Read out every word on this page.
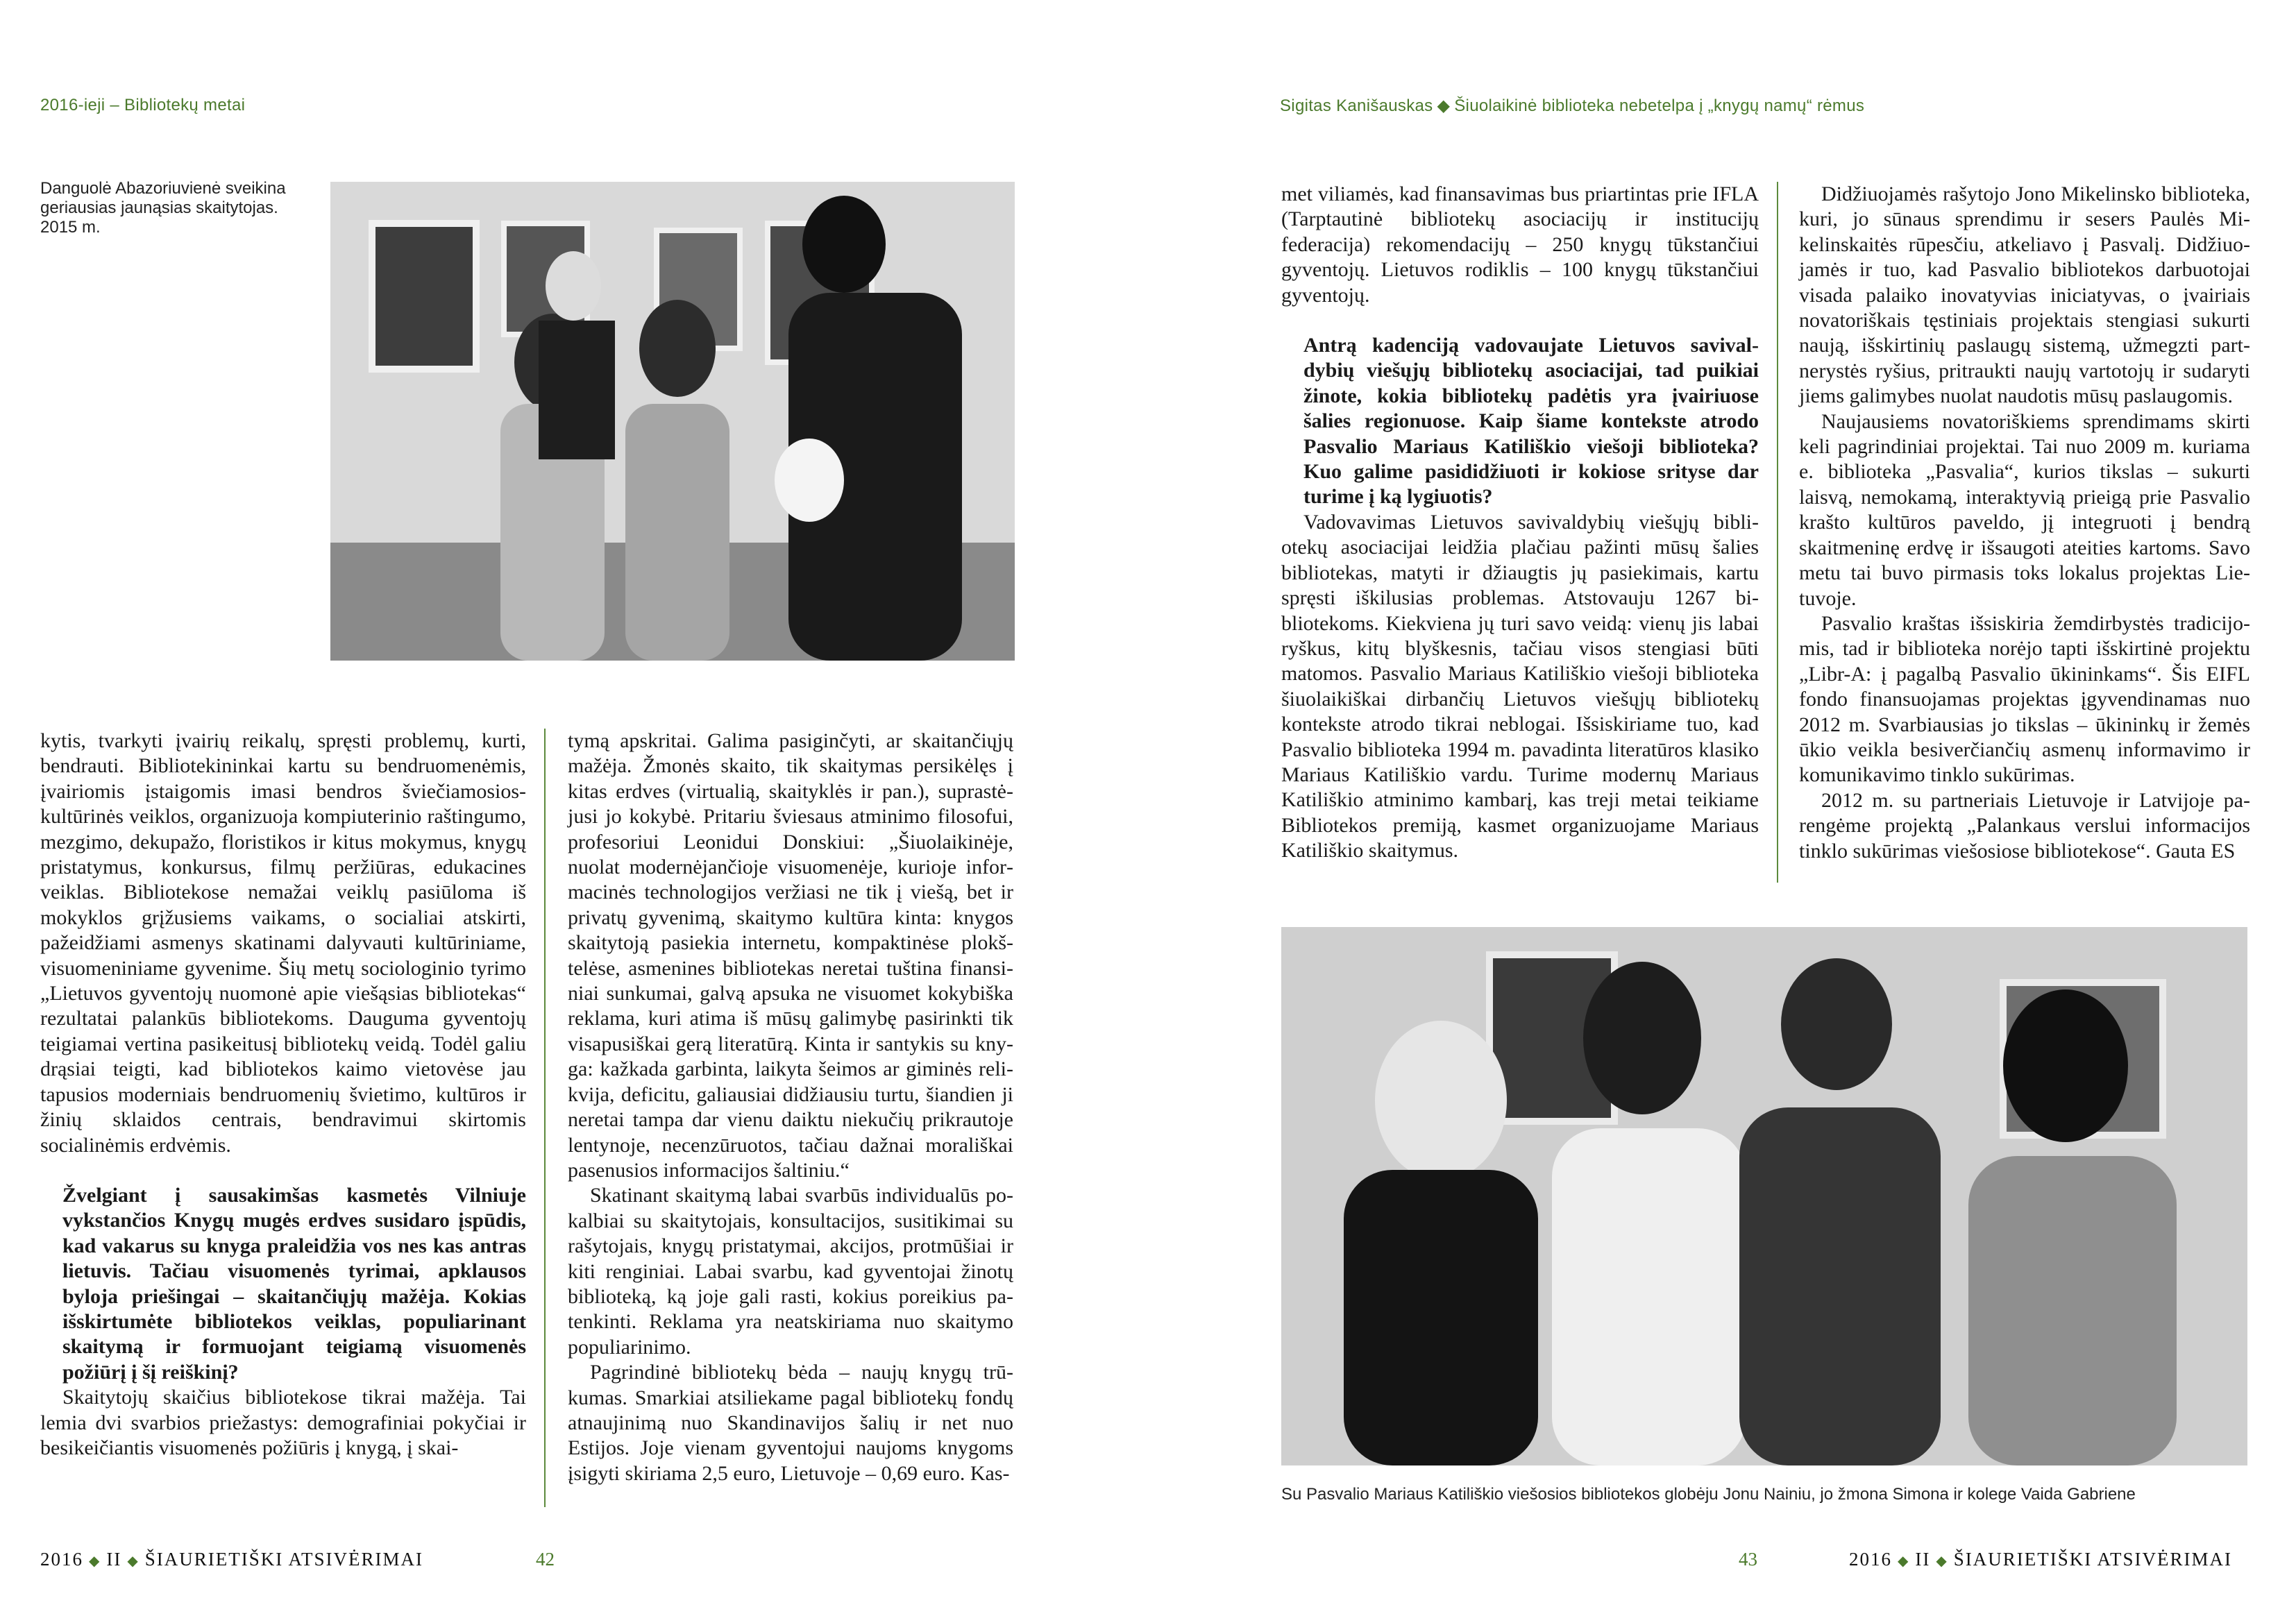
2016-ieji – Bibliotekų metai
Danguolė Abazoriuvienė sveikina geriausias jaunąsias skaitytojas. 2015 m.

kytis, tvarkyti įvairių reikalų, spręsti problemų, kurti, bendrauti. Bibliotekininkai kartu su bendruomenėmis, įvairiomis įstaigomis imasi bendros šviečiamosios-kultūrinės veiklos, organizuoja kompiuterinio raštingumo, mezgimo, dekupažo, floristikos ir kitus mokymus, knygų pristatymus, konkursus, filmų peržiūras, edukacines veiklas. Bibliotekose nemažai veiklų pasiūloma iš mokyklos grįžusiems vaikams, o socialiai atskirti, pažeidžiami asmenys skatinami dalyvauti kultūriniame, visuomeniniame gyvenime. Šių metų sociologinio tyrimo „Lietuvos gyventojų nuomonė apie viešąsias bibliotekas“ rezultatai palankūs bibliotekoms. Dauguma gyventojų teigiamai vertina pasikeitusį bibliotekų veidą. Todėl galiu drąsiai teigti, kad bibliotekos kaimo vietovėse jau tapusios moderniais bendruomenių švietimo, kultūros ir žinių sklaidos centrais, bendravimui skirtomis socialinėmis erdvėmis.

Žvelgiant į sausakimšas kasmetės Vilniuje vykstančios Knygų mugės erdves susidaro įspūdis, kad vakarus su knyga praleidžia vos nes kas antras lietuvis. Tačiau visuomenės tyrimai, apklausos byloja priešingai – skaitančiųjų mažėja. Kokias išskirtumėte bibliotekos veiklas, populiarinant skaitymą ir formuojant teigiamą visuomenės požiūrį į šį reiškinį?

Skaitytojų skaičius bibliotekose tikrai mažėja. Tai lemia dvi svarbios priežastys: demografiniai pokyčiai ir besikeičiantis visuomenės požiūris į knygą, į skai-

tymą apskritai. Galima pasiginčyti, ar skaitančiųjų mažėja. Žmonės skaito, tik skaitymas persikėlęs į kitas erdves (virtualią, skaityklės ir pan.), suprastėjusi jo kokybė. Pritariu šviesaus atminimo filosofui, profesoriui Leonidui Donskiui: „Šiuolaikinėje, nuolat modernėjančioje visuomenėje, kurioje informacinės technologijos veržiasi ne tik į viešą, bet ir privatų gyvenimą, skaitymo kultūra kinta: knygos skaitytoją pasiekia internetu, kompaktinėse plokštelėse, asmenines bibliotekas neretai tuština finansiniai sunkumai, galvą apsuka ne visuomet kokybiška reklama, kuri atima iš mūsų galimybę pasirinkti tik visapusiškai gerą literatūrą. Kinta ir santykis su knyga: kažkada garbinta, laikyta šeimos ar giminės relikvija, deficitu, galiausiai didžiausiu turtu, šiandien ji neretai tampa dar vienu daiktu niekučių prikrautoje lentynoje, necenzūruotos, tačiau dažnai morališkai pasenusios informacijos šaltiniu.“

Skatinant skaitymą labai svarbūs individualūs pokalbiai su skaitytojais, konsultacijos, susitikimai su rašytojais, knygų pristatymai, akcijos, protmūšiai ir kiti renginiai. Labai svarbu, kad gyventojai žinotų biblioteką, ką joje gali rasti, kokius poreikius patenkinti. Reklama yra neatskiriama nuo skaitymo populiarinimo.

Pagrindinė bibliotekų bėda – naujų knygų trūkumas. Smarkiai atsiliekame pagal bibliotekų fondų atnaujinimą nuo Skandinavijos šalių ir net nuo Estijos. Joje vienam gyventojui naujoms knygoms įsigyti skiriama 2,5 euro, Lietuvoje – 0,69 euro. Kas-

2016 ◆ II ◆ ŠIAURIETIŠKI ATSIVĖRIMAI	42
Sigitas Kanišauskas ◆ Šiuolaikinė biblioteka nebetelpa į „knygų namų“ rėmus

met viliamės, kad finansavimas bus priartintas prie IFLA (Tarptautinė bibliotekų asociacijų ir institucijų federacija) rekomendacijų – 250 knygų tūkstančiui gyventojų. Lietuvos rodiklis – 100 knygų tūkstančiui gyventojų.

Antrą kadenciją vadovaujate Lietuvos savivaldybių viešųjų bibliotekų asociacijai, tad puikiai žinote, kokia bibliotekų padėtis yra įvairiuose šalies regionuose. Kaip šiame kontekste atrodo Pasvalio Mariaus Katiliškio viešoji biblioteka? Kuo galime pasididžiuoti ir kokiose srityse dar turime į ką lygiuotis?

Vadovavimas Lietuvos savivaldybių viešųjų bibliotekų asociacijai leidžia plačiau pažinti mūsų šalies bibliotekas, matyti ir džiaugtis jų pasiekimais, kartu spręsti iškilusias problemas. Atstovauju 1267 bibliotekoms. Kiekviena jų turi savo veidą: vienų jis labai ryškus, kitų blyškesnis, tačiau visos stengiasi būti matomos. Pasvalio Mariaus Katiliškio viešoji biblioteka šiuolaikiškai dirbančių Lietuvos viešųjų bibliotekų kontekste atrodo tikrai neblogai. Išsiskiriame tuo, kad Pasvalio biblioteka 1994 m. pavadinta literatūros klasiko Mariaus Katiliškio vardu. Turime modernų Mariaus Katiliškio atminimo kambarį, kas treji metai teikiame Bibliotekos premiją, kasmet organizuojame Mariaus Katiliškio skaitymus.

Didžiuojamės rašytojo Jono Mikelinsko biblioteka, kuri, jo sūnaus sprendimu ir sesers Paulės Mikelinskaitės rūpesčiu, atkeliavo į Pasvalį. Didžiuojamės ir tuo, kad Pasvalio bibliotekos darbuotojai visada palaiko inovatyvias iniciatyvas, o įvairiais novatoriškais tęstiniais projektais stengiasi sukurti naują, išskirtinių paslaugų sistemą, užmegzti partnerystės ryšius, pritraukti naujų vartotojų ir sudaryti jiems galimybes nuolat naudotis mūsų paslaugomis.

Naujausiems novatoriškiems sprendimams skirti keli pagrindiniai projektai. Tai nuo 2009 m. kuriama e. biblioteka „Pasvalia“, kurios tikslas – sukurti laisvą, nemokamą, interaktyvią prieigą prie Pasvalio krašto kultūros paveldo, jį integruoti į bendrą skaitmeninę erdvę ir išsaugoti ateities kartoms. Savo metu tai buvo pirmasis toks lokalus projektas Lietuvoje.

Pasvalio kraštas išsiskiria žemdirbystės tradicijomis, tad ir biblioteka norėjo tapti išskirtinė projektu „Libr-A: į pagalbą Pasvalio ūkininkams“. Šis EIFL fondo finansuojamas projektas įgyvendinamas nuo 2012 m. Svarbiausias jo tikslas – ūkininkų ir žemės ūkio veikla besiverčiančių asmenų informavimo ir komunikavimo tinklo sukūrimas.

2012 m. su partneriais Lietuvoje ir Latvijoje parengėme projektą „Palankaus verslui informacijos tinklo sukūrimas viešosiose bibliotekose“. Gauta ES

Su Pasvalio Mariaus Katiliškio viešosios bibliotekos globėju Jonu Nainiu, jo žmona Simona ir kolege Vaida Gabriene
43	2016 ◆ II ◆ ŠIAURIETIŠKI ATSIVĖRIMAI
